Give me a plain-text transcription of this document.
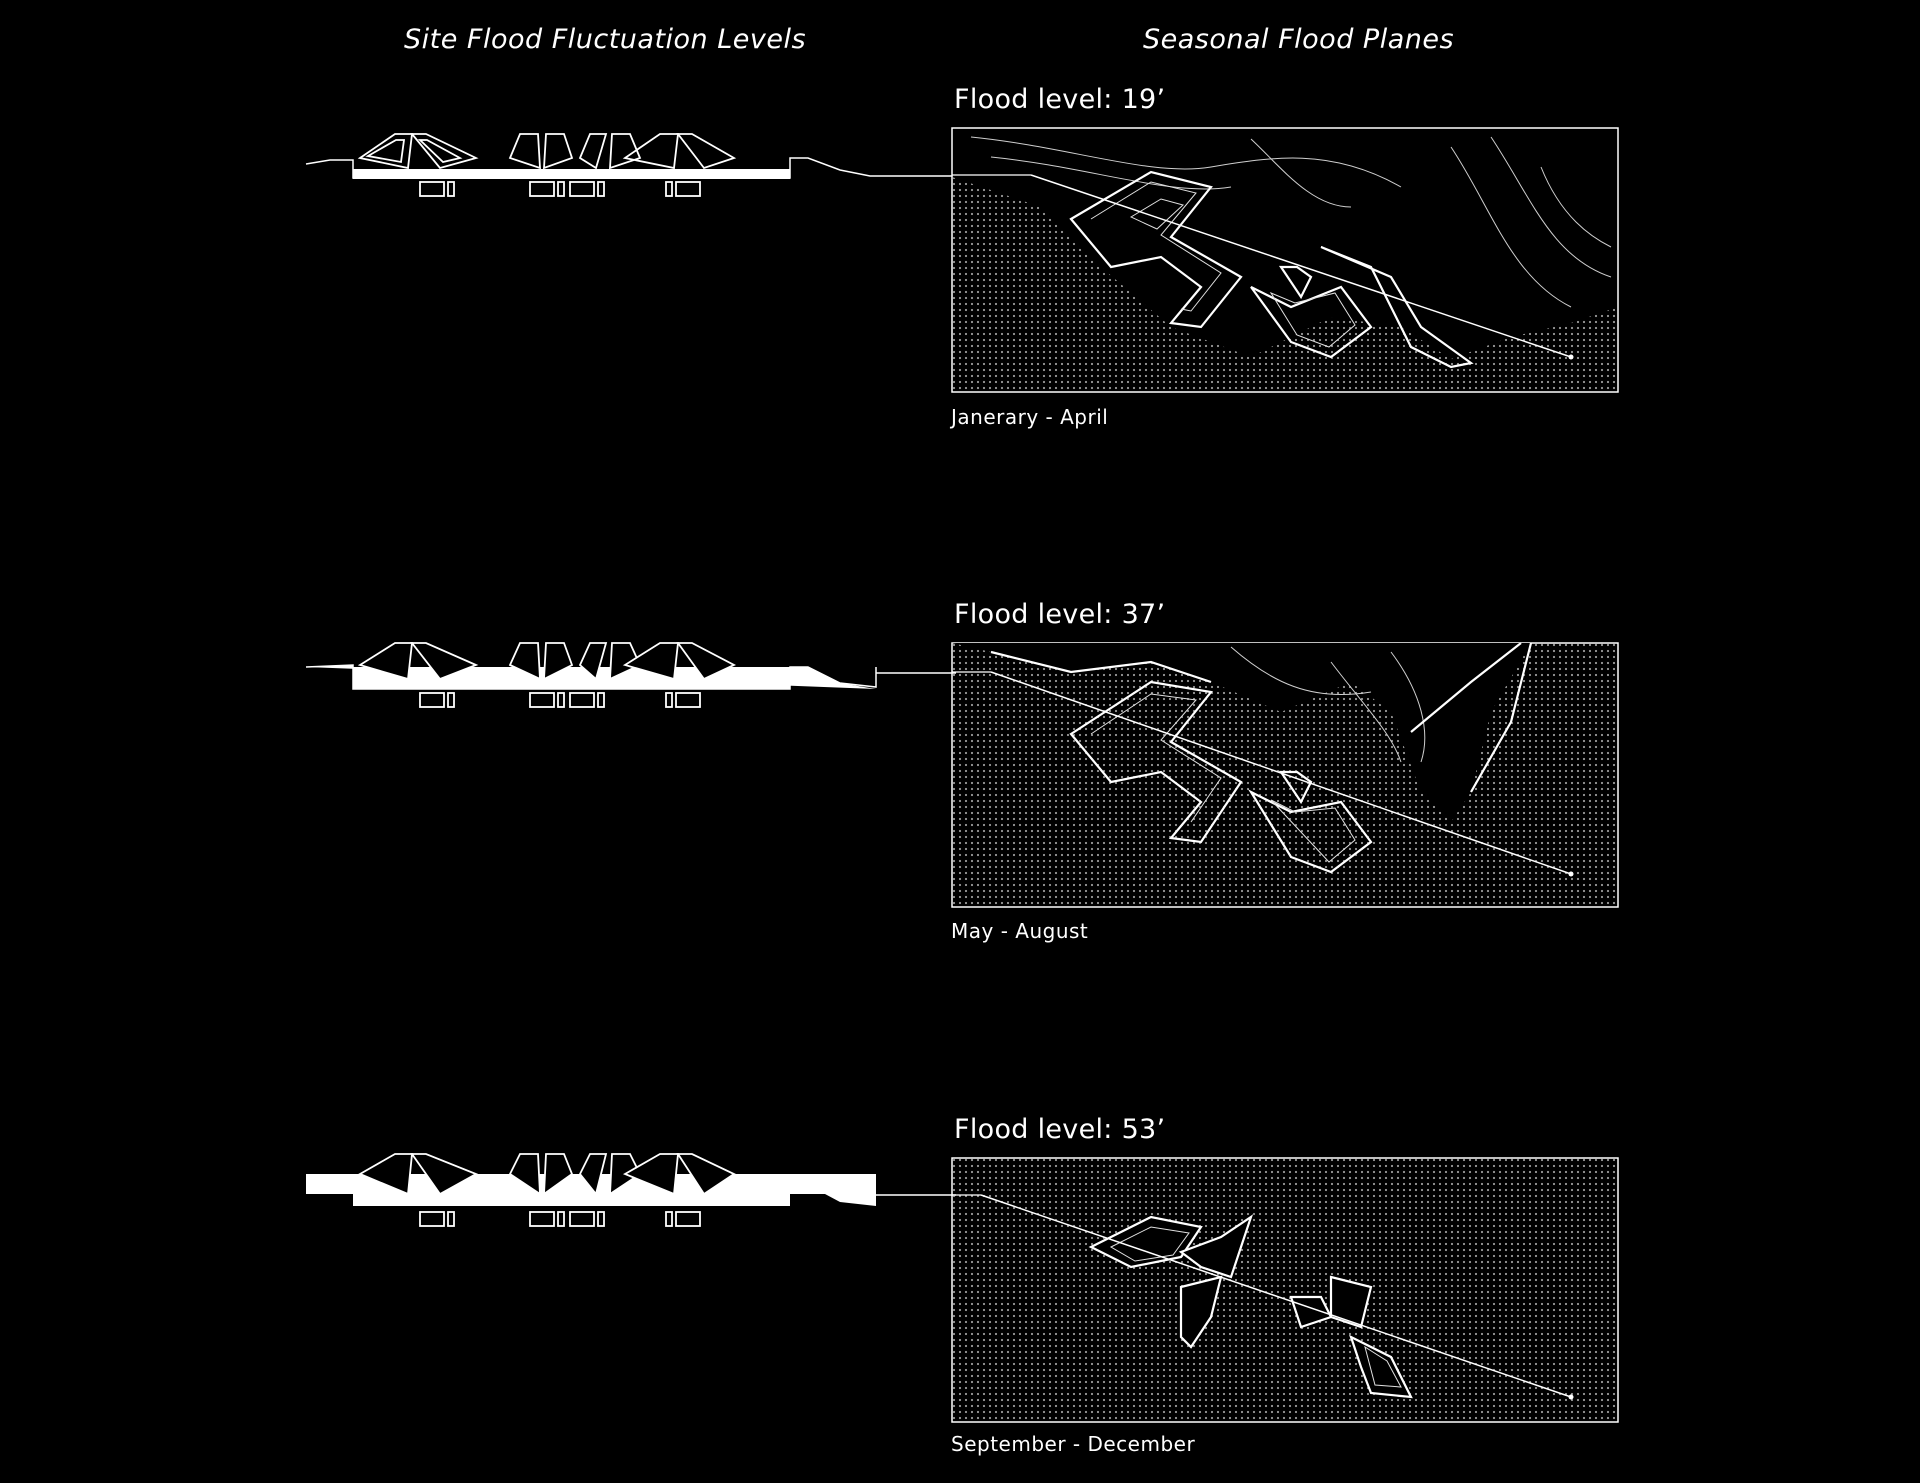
Site Flood Fluctuation Levels	Seasonal Flood Planes
Flood level: 19’
Flood level: 37’
Flood level: 53’
Janerary - April
May - August
September - December
